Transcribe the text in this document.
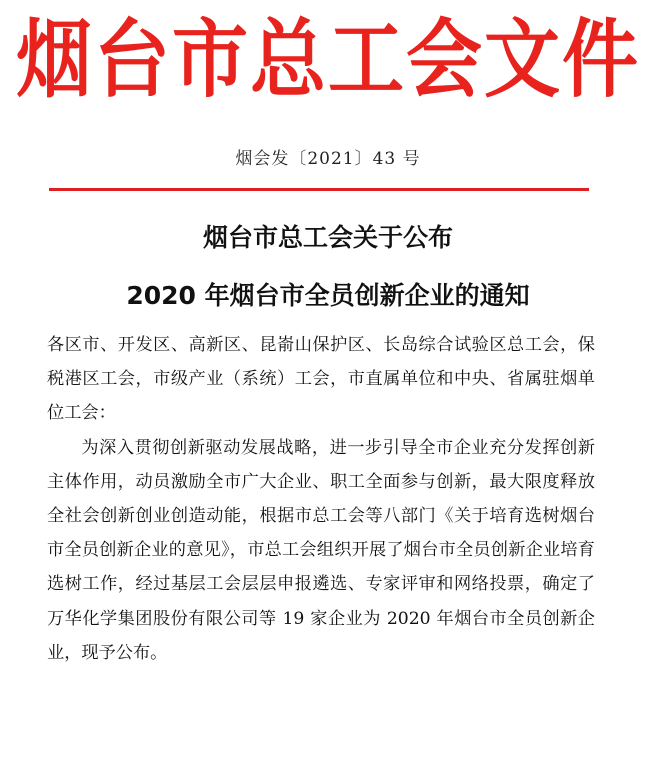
烟台市总工会文件
烟会发〔2021〕43 号
烟台市总工会关于公布
2020 年烟台市全员创新企业的通知

各区市、开发区、高新区、昆嵛山保护区、长岛综合试验区总工会，保税港区工会，市级产业（系统）工会，市直属单位和中央、省属驻烟单位工会：

为深入贯彻创新驱动发展战略，进一步引导全市企业充分发挥创新主体作用，动员激励全市广大企业、职工全面参与创新，最大限度释放全社会创新创业创造动能，根据市总工会等八部门《关于培育选树烟台市全员创新企业的意见》，市总工会组织开展了烟台市全员创新企业培育选树工作，经过基层工会层层申报遴选、专家评审和网络投票，确定了万华化学集团股份有限公司等 19 家企业为 2020 年烟台市全员创新企业，现予公布。
